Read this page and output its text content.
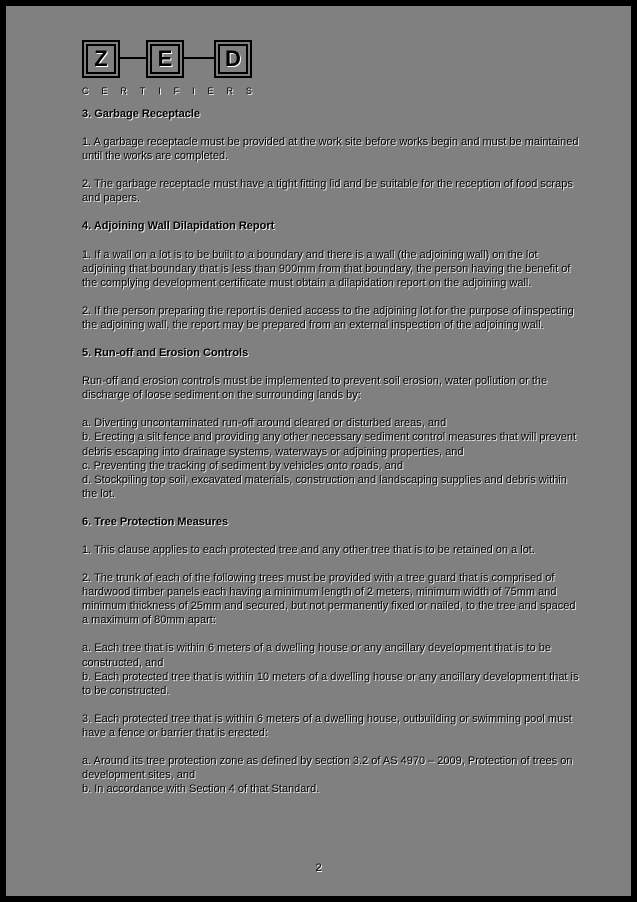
Z	E	D
C E R T I F I E R S
3. Garbage Receptacle

1. A garbage receptacle must be provided at the work site before works begin and must be maintained until the works are completed.

2. The garbage receptacle must have a tight fitting lid and be suitable for the reception of food scraps and papers.

4. Adjoining Wall Dilapidation Report

1. If a wall on a lot is to be built to a boundary and there is a wall (the adjoining wall) on the lot adjoining that boundary that is less than 900mm from that boundary, the person having the benefit of the complying development certificate must obtain a dilapidation report on the adjoining wall.

2. If the person preparing the report is denied access to the adjoining lot for the purpose of inspecting the adjoining wall, the report may be prepared from an external inspection of the adjoining wall.

5. Run-off and Erosion Controls

Run-off and erosion controls must be implemented to prevent soil erosion, water pollution or the discharge of loose sediment on the surrounding lands by:

a. Diverting uncontaminated run-off around cleared or disturbed areas, and

b. Erecting a silt fence and providing any other necessary sediment control measures that will prevent debris escaping into drainage systems, waterways or adjoining properties, and

c. Preventing the tracking of sediment by vehicles onto roads, and

d. Stockpiling top soil, excavated materials, construction and landscaping supplies and debris within the lot.

6. Tree Protection Measures

1. This clause applies to each protected tree and any other tree that is to be retained on a lot.

2. The trunk of each of the following trees must be provided with a tree guard that is comprised of hardwood timber panels each having a minimum length of 2 meters, minimum width of 75mm and minimum thickness of 25mm and secured, but not permanently fixed or nailed, to the tree and spaced a maximum of 80mm apart:

a. Each tree that is within 6 meters of a dwelling house or any ancillary development that is to be constructed, and

b. Each protected tree that is within 10 meters of a dwelling house or any ancillary development that is to be constructed.

3. Each protected tree that is within 6 meters of a dwelling house, outbuilding or swimming pool must have a fence or barrier that is erected:

a. Around its tree protection zone as defined by section 3.2 of AS 4970 – 2009, Protection of trees on development sites, and

b. In accordance with Section 4 of that Standard.

2
